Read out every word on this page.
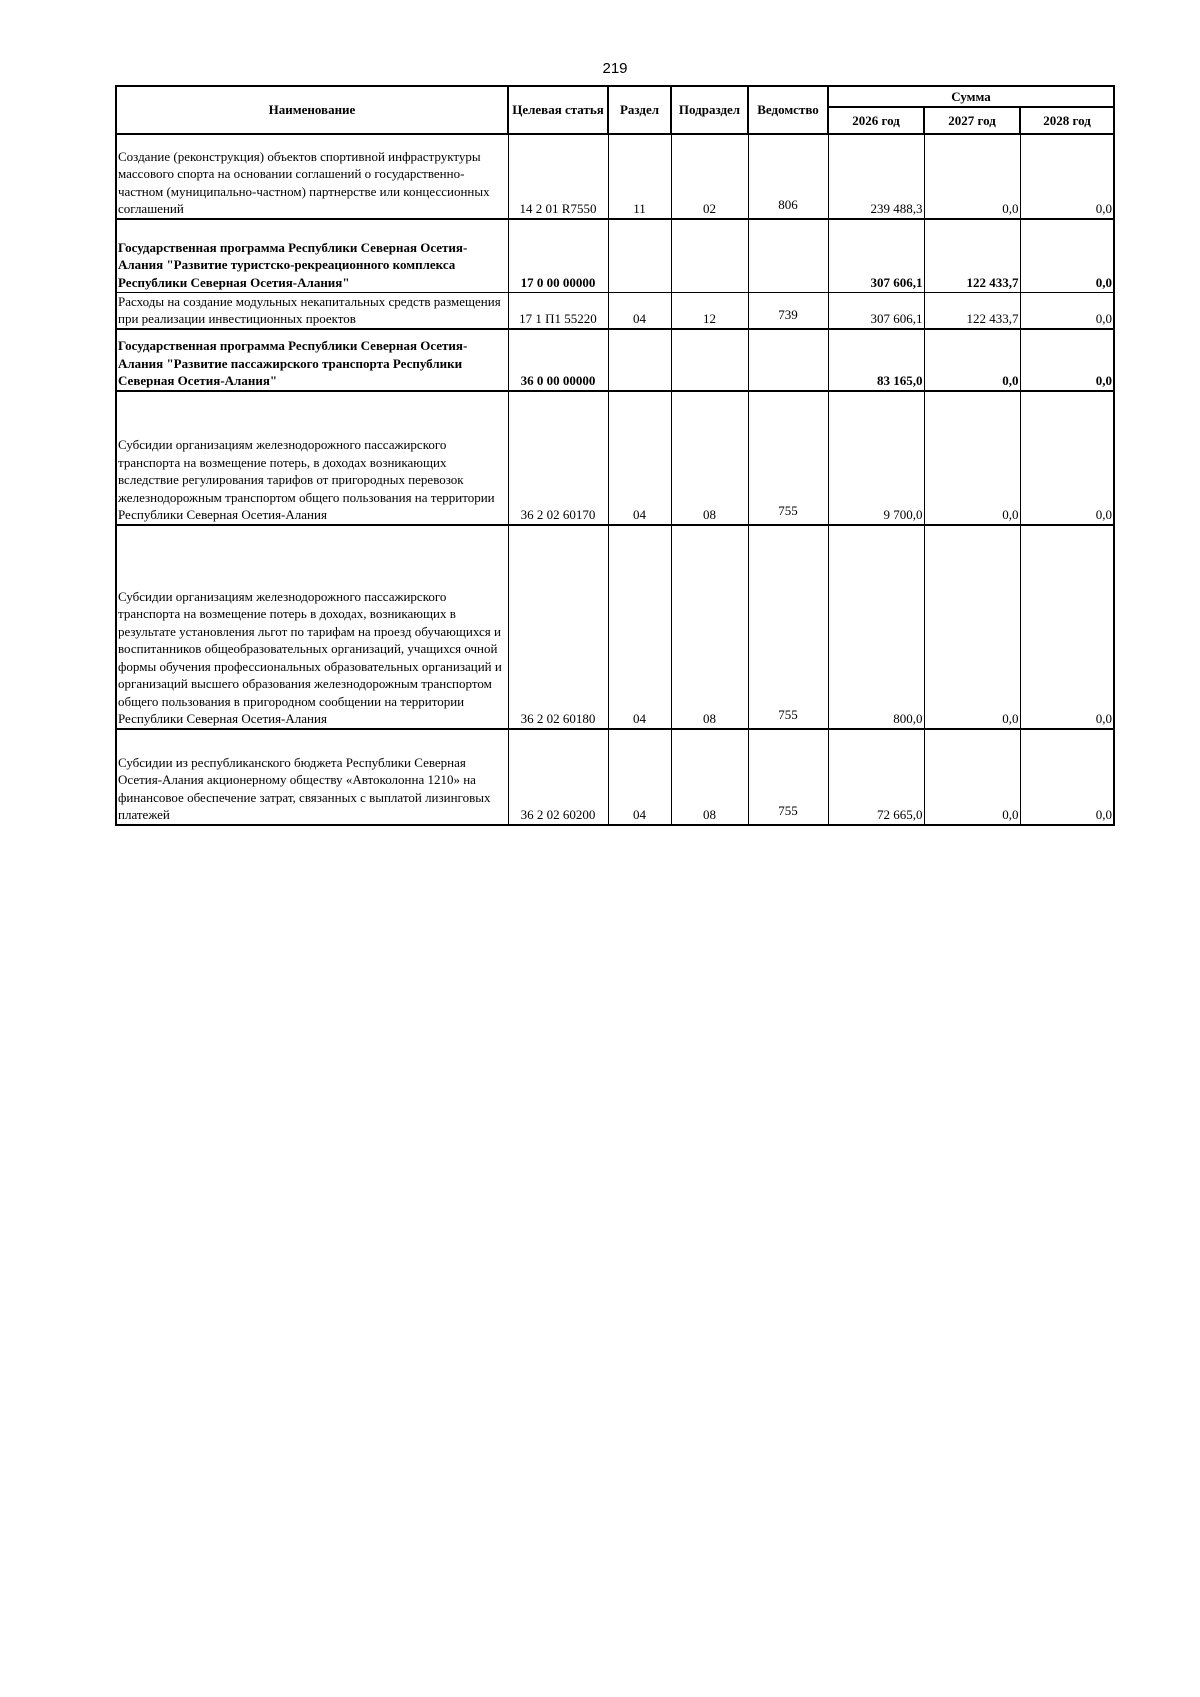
219
Наименование	Целевая статья	Раздел	Подраздел	Ведомство	Сумма		
					2026 год	2027 год	2028 год
Создание (реконструкция) объектов спортивной инфраструктуры массового спорта на основании соглашений о государственно-частном (муниципально-частном) партнерстве или концессионных соглашений	14 2 01 R7550	11	02	806	239 488,3	0,0	0,0
Государственная программа Республики Северная Осетия-Алания "Развитие туристско-рекреационного комплекса Республики Северная Осетия-Алания"	17 0 00 00000				307 606,1	122 433,7	0,0
Расходы на создание модульных некапитальных средств размещения при реализации инвестиционных проектов	17 1 П1 55220	04	12	739	307 606,1	122 433,7	0,0
Государственная программа Республики Северная Осетия-Алания "Развитие пассажирского транспорта Республики Северная Осетия-Алания"	36 0 00 00000				83 165,0	0,0	0,0
Субсидии организациям железнодорожного пассажирского транспорта на возмещение потерь, в доходах возникающих вследствие регулирования тарифов от пригородных перевозок железнодорожным транспортом общего пользования на территории Республики Северная Осетия-Алания	36 2 02 60170	04	08	755	9 700,0	0,0	0,0
Субсидии организациям железнодорожного пассажирского транспорта на возмещение потерь в доходах, возникающих в результате установления льгот по тарифам на проезд обучающихся и воспитанников общеобразовательных организаций, учащихся очной формы обучения профессиональных образовательных организаций и организаций высшего образования железнодорожным транспортом общего пользования в пригородном сообщении на территории Республики Северная Осетия-Алания	36 2 02 60180	04	08	755	800,0	0,0	0,0
Субсидии из республиканского бюджета Республики Северная Осетия-Алания акционерному обществу «Автоколонна 1210» на финансовое обеспечение затрат, связанных с выплатой лизинговых платежей	36 2 02 60200	04	08	755	72 665,0	0,0	0,0
